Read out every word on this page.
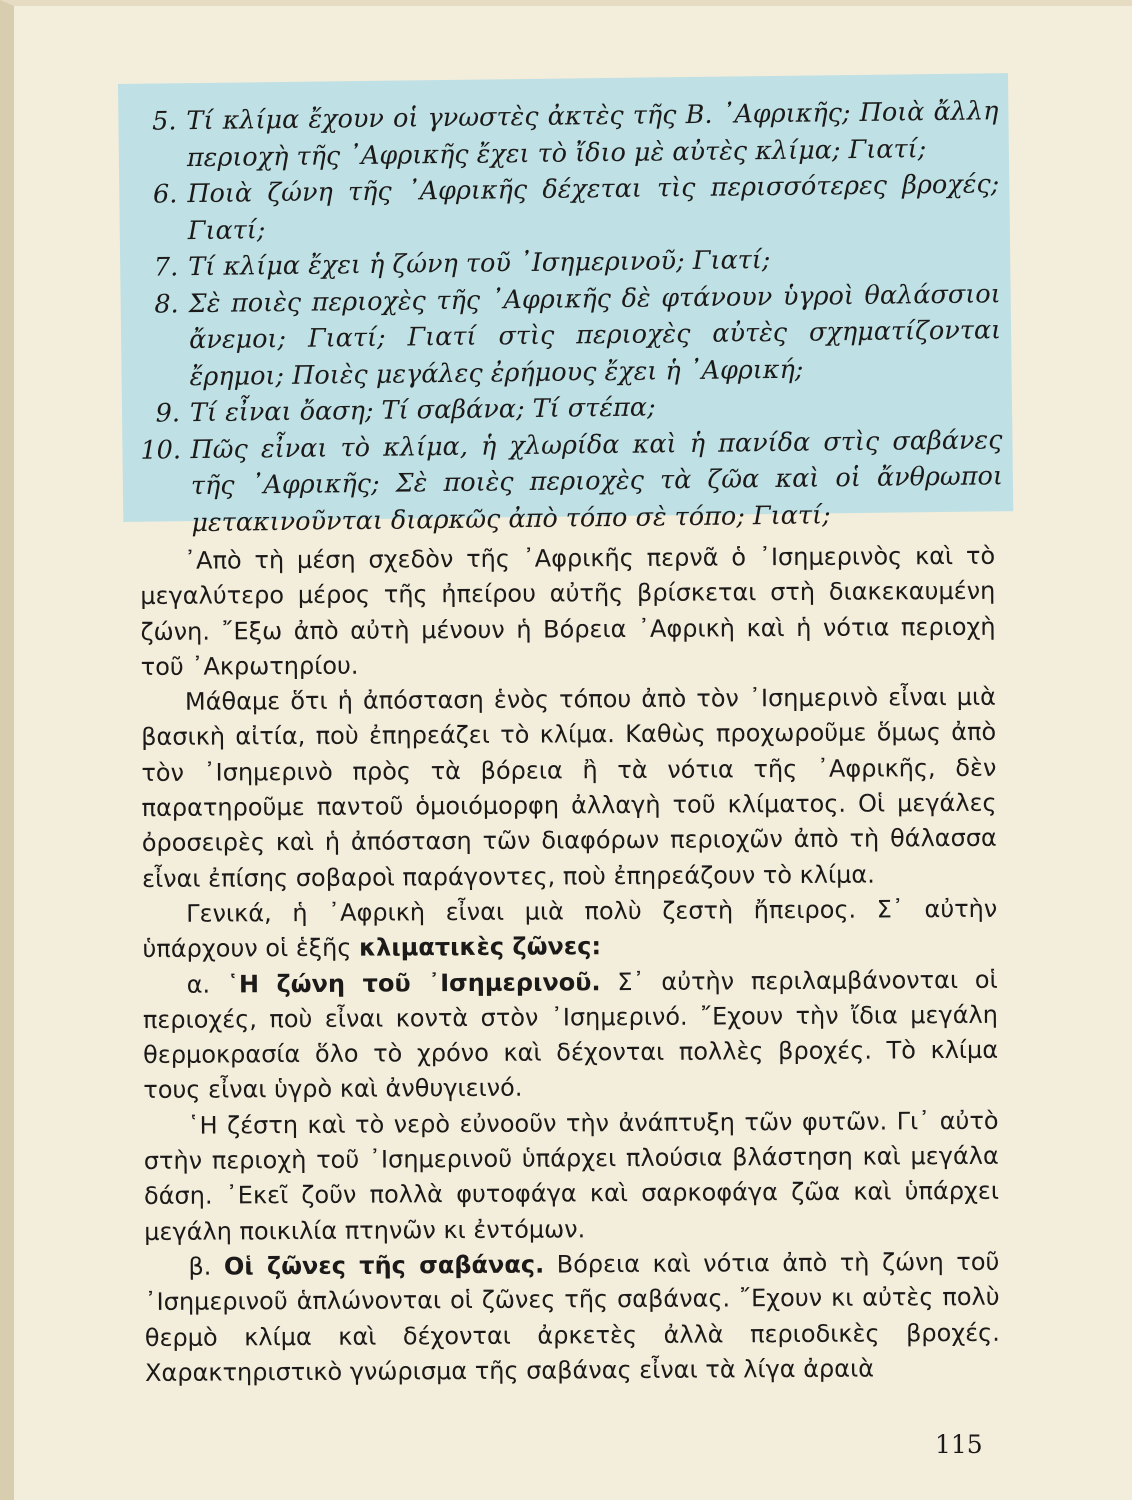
5. Τί κλίμα ἔχουν οἱ γνωστὲς ἀκτὲς τῆς Β. ᾿Αφρικῆς; Ποιὰ ἄλλη περιοχὴ τῆς ᾿Αφρικῆς ἔχει τὸ ἴδιο μὲ αὐτὲς κλίμα; Γιατί;
6. Ποιὰ ζώνη τῆς ᾿Αφρικῆς δέχεται τὶς περισσότερες βροχές; Γιατί;
7. Τί κλίμα ἔχει ἡ ζώνη τοῦ ᾿Ισημερινοῦ; Γιατί;
8. Σὲ ποιὲς περιοχὲς τῆς ᾿Αφρικῆς δὲ φτάνουν ὑγροὶ θαλάσσιοι ἄνεμοι; Γιατί; Γιατί στὶς περιοχὲς αὐτὲς σχηματίζονται ἔρημοι; Ποιὲς μεγάλες ἐρήμους ἔχει ἡ ᾿Αφρική;
9. Τί εἶναι ὄαση; Τί σαβάνα; Τί στέπα;
10. Πῶς εἶναι τὸ κλίμα, ἡ χλωρίδα καὶ ἡ πανίδα στὶς σαβάνες τῆς ᾿Αφρικῆς; Σὲ ποιὲς περιοχὲς τὰ ζῶα καὶ οἱ ἄνθρωποι μετακινοῦνται διαρκῶς ἀπὸ τόπο σὲ τόπο; Γιατί;

᾿Απὸ τὴ μέση σχεδὸν τῆς ᾿Αφρικῆς περνᾶ ὁ ᾿Ισημερινὸς καὶ τὸ μεγαλύτερο μέρος τῆς ἠπείρου αὐτῆς βρίσκεται στὴ διακεκαυμένη ζώνη. ῎Εξω ἀπὸ αὐτὴ μένουν ἡ Βόρεια ᾿Αφρικὴ καὶ ἡ νότια περιοχὴ τοῦ ᾿Ακρωτηρίου.

Μάθαμε ὅτι ἡ ἀπόσταση ἑνὸς τόπου ἀπὸ τὸν ᾿Ισημερινὸ εἶναι μιὰ βασικὴ αἰτία, ποὺ ἐπηρεάζει τὸ κλίμα. Καθὼς προχωροῦμε ὅμως ἀπὸ τὸν ᾿Ισημερινὸ πρὸς τὰ βόρεια ἢ τὰ νότια τῆς ᾿Αφρικῆς, δὲν παρατηροῦμε παντοῦ ὁμοιόμορφη ἀλλαγὴ τοῦ κλίματος. Οἱ μεγάλες ὀροσειρὲς καὶ ἡ ἀπόσταση τῶν διαφόρων περιοχῶν ἀπὸ τὴ θάλασσα εἶναι ἐπίσης σοβαροὶ παράγοντες, ποὺ ἐπηρεάζουν τὸ κλίμα.

Γενικά, ἡ ᾿Αφρικὴ εἶναι μιὰ πολὺ ζεστὴ ἤπειρος. Σ᾿ αὐτὴν ὑπάρχουν οἱ ἑξῆς κλιματικὲς ζῶνες:

α. ῾Η ζώνη τοῦ ᾿Ισημερινοῦ. Σ᾿ αὐτὴν περιλαμβάνονται οἱ περιοχές, ποὺ εἶναι κοντὰ στὸν ᾿Ισημερινό. ῎Εχουν τὴν ἴδια μεγάλη θερμοκρασία ὅλο τὸ χρόνο καὶ δέχονται πολλὲς βροχές. Τὸ κλίμα τους εἶναι ὑγρὸ καὶ ἀνθυγιεινό.

῾Η ζέστη καὶ τὸ νερὸ εὐνοοῦν τὴν ἀνάπτυξη τῶν φυτῶν. Γι᾿ αὐτὸ στὴν περιοχὴ τοῦ ᾿Ισημερινοῦ ὑπάρχει πλούσια βλάστηση καὶ μεγάλα δάση. ᾿Εκεῖ ζοῦν πολλὰ φυτοφάγα καὶ σαρκοφάγα ζῶα καὶ ὑπάρχει μεγάλη ποικιλία πτηνῶν κι ἐντόμων.

β. Οἱ ζῶνες τῆς σαβάνας. Βόρεια καὶ νότια ἀπὸ τὴ ζώνη τοῦ ᾿Ισημερινοῦ ἁπλώνονται οἱ ζῶνες τῆς σαβάνας. ῎Εχουν κι αὐτὲς πολὺ θερμὸ κλίμα καὶ δέχονται ἀρκετὲς ἀλλὰ περιοδικὲς βροχές. Χαρακτηριστικὸ γνώρισμα τῆς σαβάνας εἶναι τὰ λίγα ἀραιὰ

115
